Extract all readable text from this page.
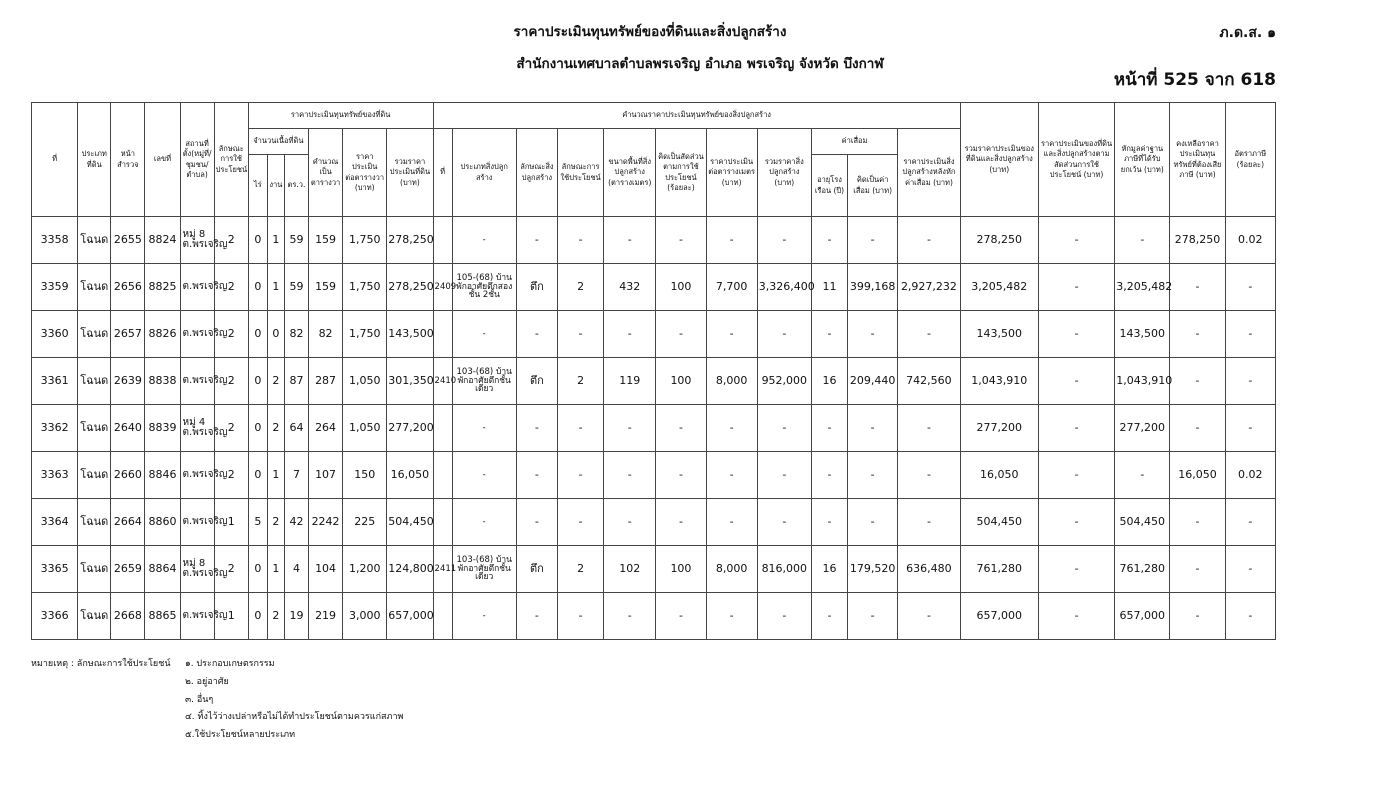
ราคาประเมินทุนทรัพย์ของที่ดินและสิ่งปลูกสร้าง
สำนักงานเทศบาลตำบลพรเจริญ อำเภอ พรเจริญ จังหวัด บึงกาฬ
ภ.ด.ส. ๑
หน้าที่ 525 จาก 618
ที่	ประเภทที่ดิน	หน้าสำรวจ	เลขที่	สถานที่ตั้ง(หมู่ที่/ชุมชน/ตำบล)	ลักษณะการใช้ประโยชน์	ราคาประเมินทุนทรัพย์ของที่ดิน						คำนวณราคาประเมินทุนทรัพย์ของสิ่งปลูกสร้าง											รวมราคาประเมินของที่ดินและสิ่งปลูกสร้าง (บาท)	ราคาประเมินของที่ดินและสิ่งปลูกสร้างตามสัดส่วนการใช้ประโยชน์ (บาท)	หักมูลค่าฐานภาษีที่ได้รับยกเว้น (บาท)	คงเหลือราคาประเมินทุนทรัพย์ที่ต้องเสียภาษี (บาท)	อัตราภาษี (ร้อยละ)
						จำนวนเนื้อที่ดิน			คำนวณเป็นตารางวา	ราคาประเมินต่อตารางวา (บาท)	รวมราคาประเมินที่ดิน (บาท)	ที่	ประเภทสิ่งปลูกสร้าง	ลักษณะสิ่งปลูกสร้าง	ลักษณะการใช้ประโยชน์	ขนาดพื้นที่สิ่งปลูกสร้าง (ตารางเมตร)	คิดเป็นสัดส่วนตามการใช้ประโยชน์ (ร้อยละ)	ราคาประเมินต่อตารางเมตร (บาท)	รวมราคาสิ่งปลูกสร้าง (บาท)	ค่าเสื่อม		ราคาประเมินสิ่งปลูกสร้างหลังหักค่าเสื่อม (บาท)					
						ไร่	งาน	ตร.ว.												อายุโรงเรือน (ปี)	คิดเป็นค่าเสื่อม (บาท)						
3358	โฉนด	2655	8824	หมู่ 8 ต.พรเจริญ	2	0	1	59	159	1,750	278,250		-	-	-	-	-	-	-	-	-	-	278,250	-	-	278,250	0.02
3359	โฉนด	2656	8825	ต.พรเจริญ	2	0	1	59	159	1,750	278,250	2409	105-(68) บ้านพักอาศัยตึกสองชั้น 2ชั้น	ตึก	2	432	100	7,700	3,326,400	11	399,168	2,927,232	3,205,482	-	3,205,482	-	-
3360	โฉนด	2657	8826	ต.พรเจริญ	2	0	0	82	82	1,750	143,500		-	-	-	-	-	-	-	-	-	-	143,500	-	143,500	-	-
3361	โฉนด	2639	8838	ต.พรเจริญ	2	0	2	87	287	1,050	301,350	2410	103-(68) บ้านพักอาศัยตึกชั้นเดียว	ตึก	2	119	100	8,000	952,000	16	209,440	742,560	1,043,910	-	1,043,910	-	-
3362	โฉนด	2640	8839	หมู่ 4 ต.พรเจริญ	2	0	2	64	264	1,050	277,200		-	-	-	-	-	-	-	-	-	-	277,200	-	277,200	-	-
3363	โฉนด	2660	8846	ต.พรเจริญ	2	0	1	7	107	150	16,050		-	-	-	-	-	-	-	-	-	-	16,050	-	-	16,050	0.02
3364	โฉนด	2664	8860	ต.พรเจริญ	1	5	2	42	2242	225	504,450		-	-	-	-	-	-	-	-	-	-	504,450	-	504,450	-	-
3365	โฉนด	2659	8864	หมู่ 8 ต.พรเจริญ	2	0	1	4	104	1,200	124,800	2411	103-(68) บ้านพักอาศัยตึกชั้นเดียว	ตึก	2	102	100	8,000	816,000	16	179,520	636,480	761,280	-	761,280	-	-
3366	โฉนด	2668	8865	ต.พรเจริญ	1	0	2	19	219	3,000	657,000		-	-	-	-	-	-	-	-	-	-	657,000	-	657,000	-	-
หมายเหตุ : ลักษณะการใช้ประโยชน์ ๑. ประกอบเกษตรกรรม
๒. อยู่อาศัย
๓. อื่นๆ
๔. ทิ้งไว้ว่างเปล่าหรือไม่ได้ทำประโยชน์ตามควรแก่สภาพ
๕.ใช้ประโยชน์หลายประเภท
